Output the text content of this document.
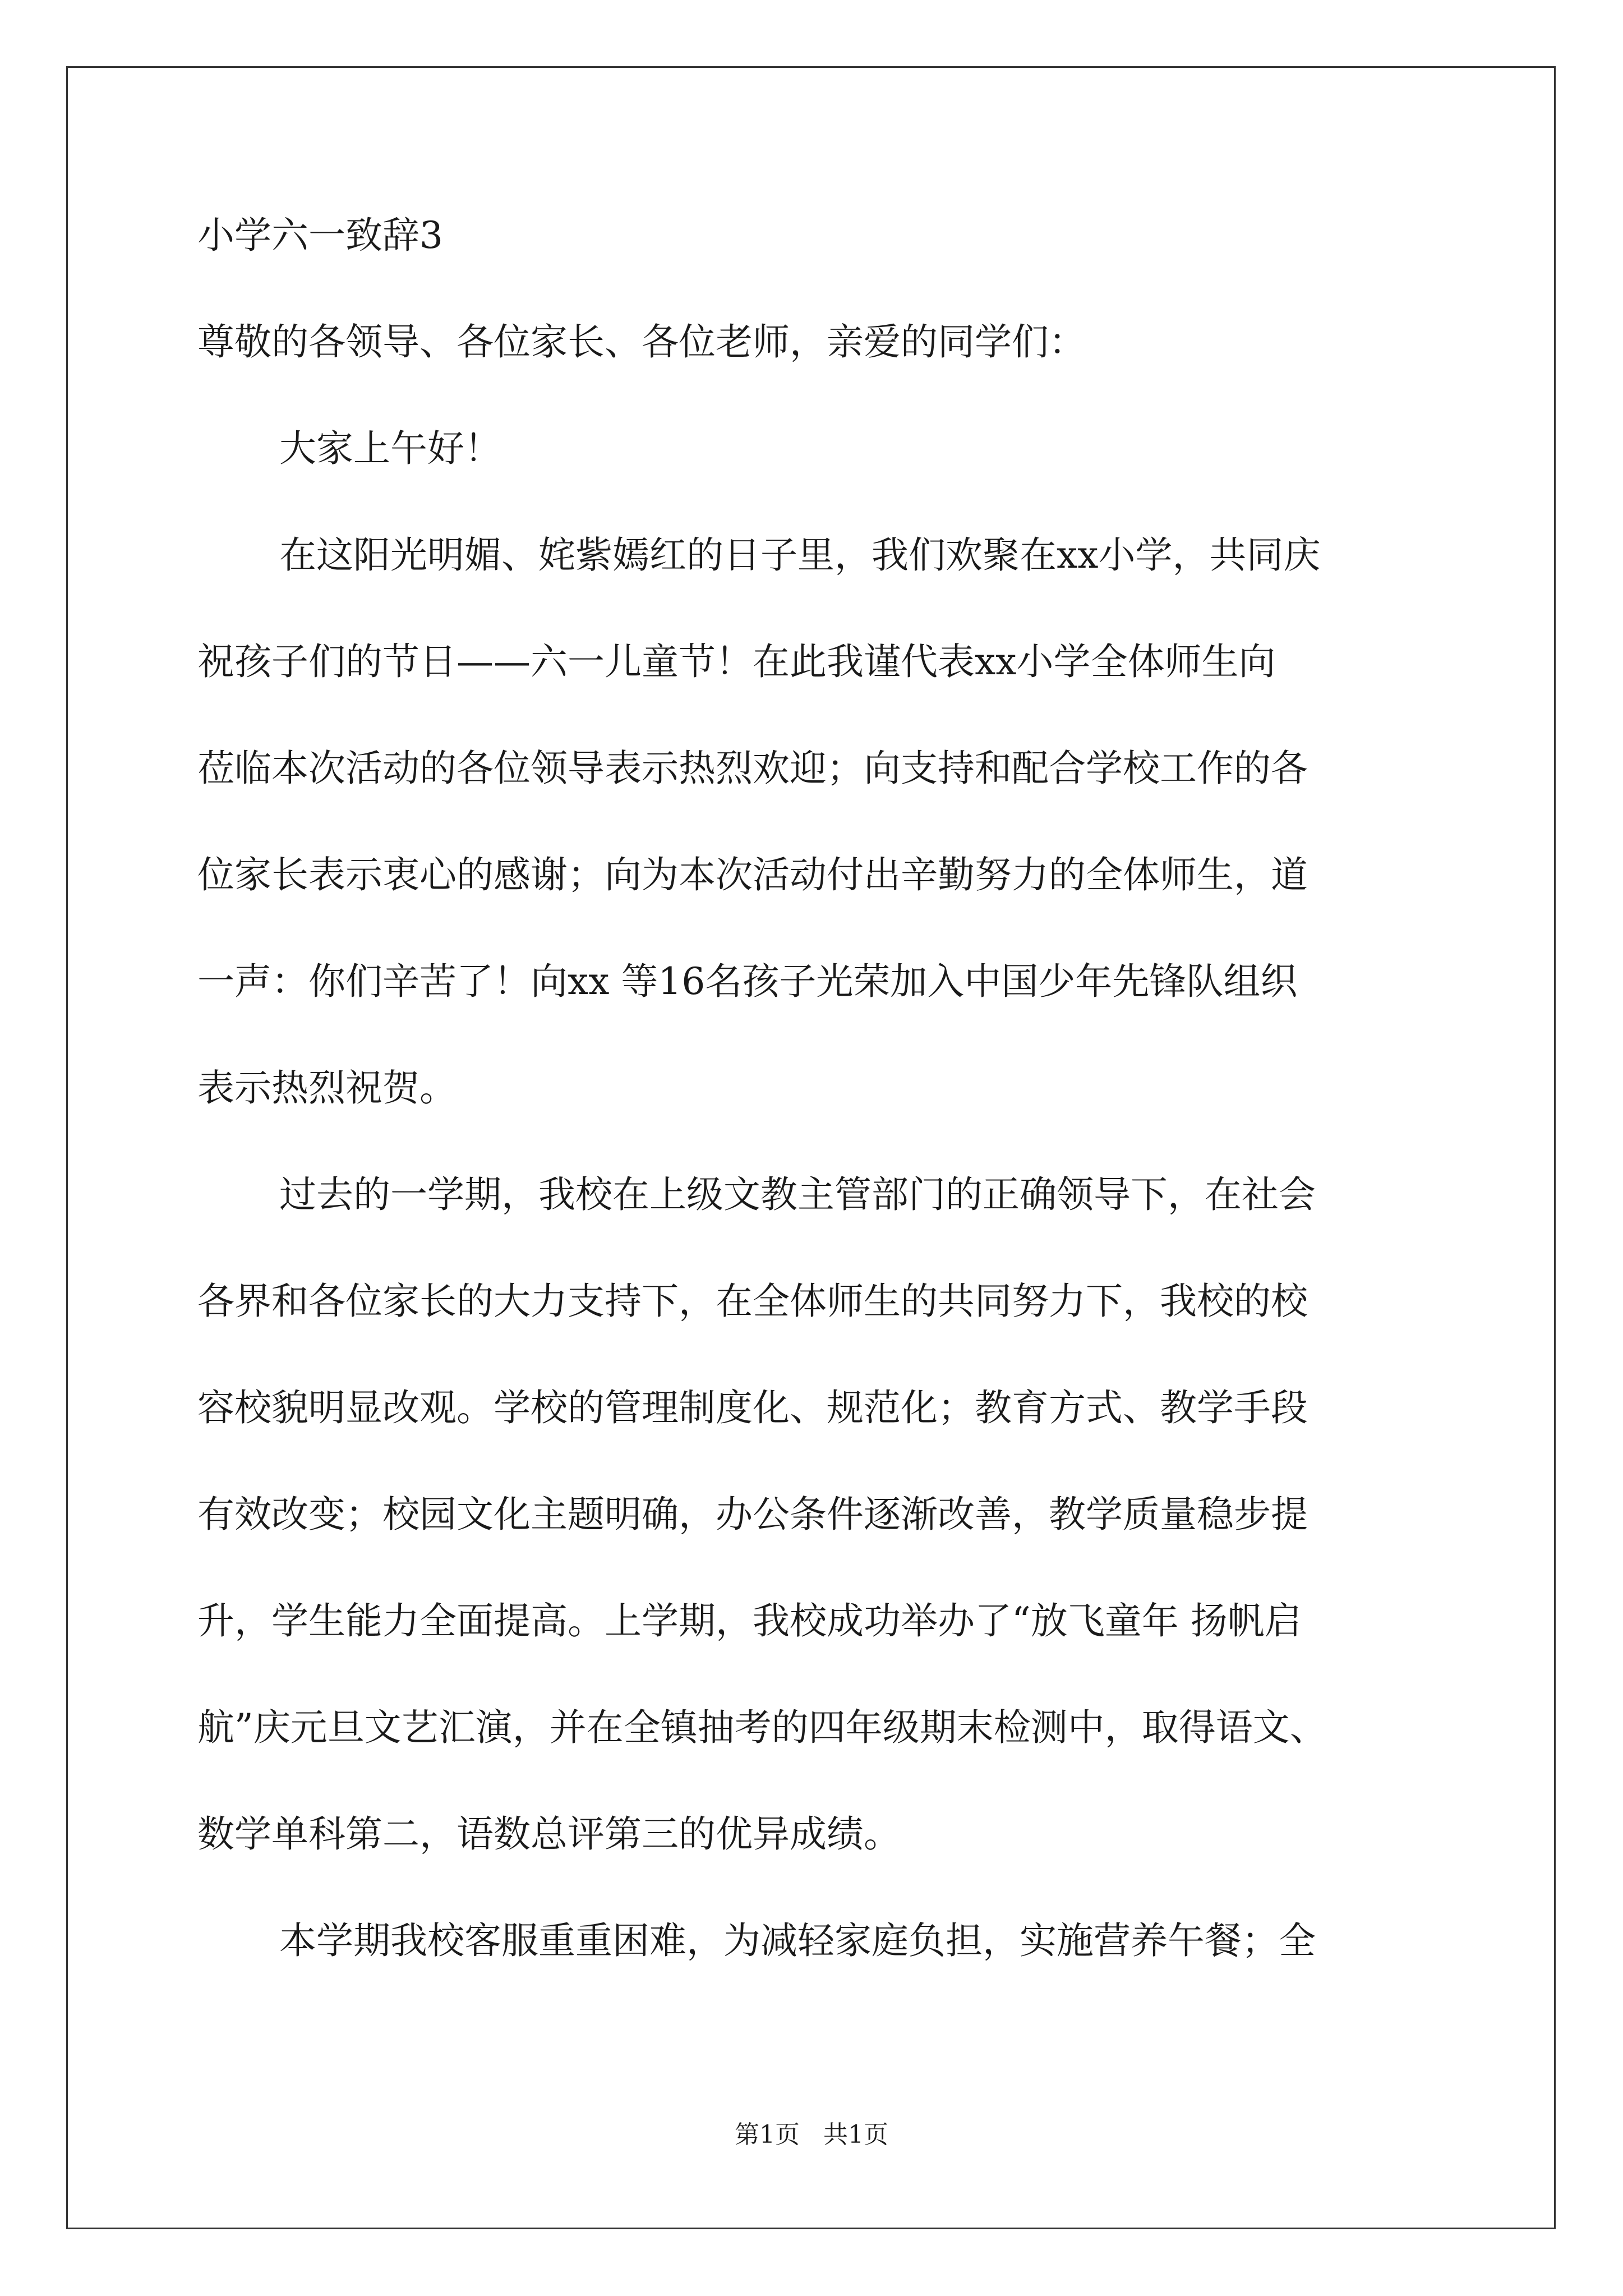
小学六一致辞3
尊敬的各领导、各位家长、各位老师，亲爱的同学们：
大家上午好！
在这阳光明媚、姹紫嫣红的日子里，我们欢聚在xx小学，共同庆
祝孩子们的节日——六一儿童节！在此我谨代表xx小学全体师生向
莅临本次活动的各位领导表示热烈欢迎；向支持和配合学校工作的各
位家长表示衷心的感谢；向为本次活动付出辛勤努力的全体师生，道
一声：你们辛苦了！向xx 等16名孩子光荣加入中国少年先锋队组织
表示热烈祝贺。
过去的一学期，我校在上级文教主管部门的正确领导下，在社会
各界和各位家长的大力支持下，在全体师生的共同努力下，我校的校
容校貌明显改观。学校的管理制度化、规范化；教育方式、教学手段
有效改变；校园文化主题明确，办公条件逐渐改善，教学质量稳步提
升，学生能力全面提高。上学期，我校成功举办了“放飞童年 扬帆启
航”庆元旦文艺汇演，并在全镇抽考的四年级期末检测中，取得语文、
数学单科第二，语数总评第三的优异成绩。
本学期我校客服重重困难，为减轻家庭负担，实施营养午餐；全
第1页 共1页
